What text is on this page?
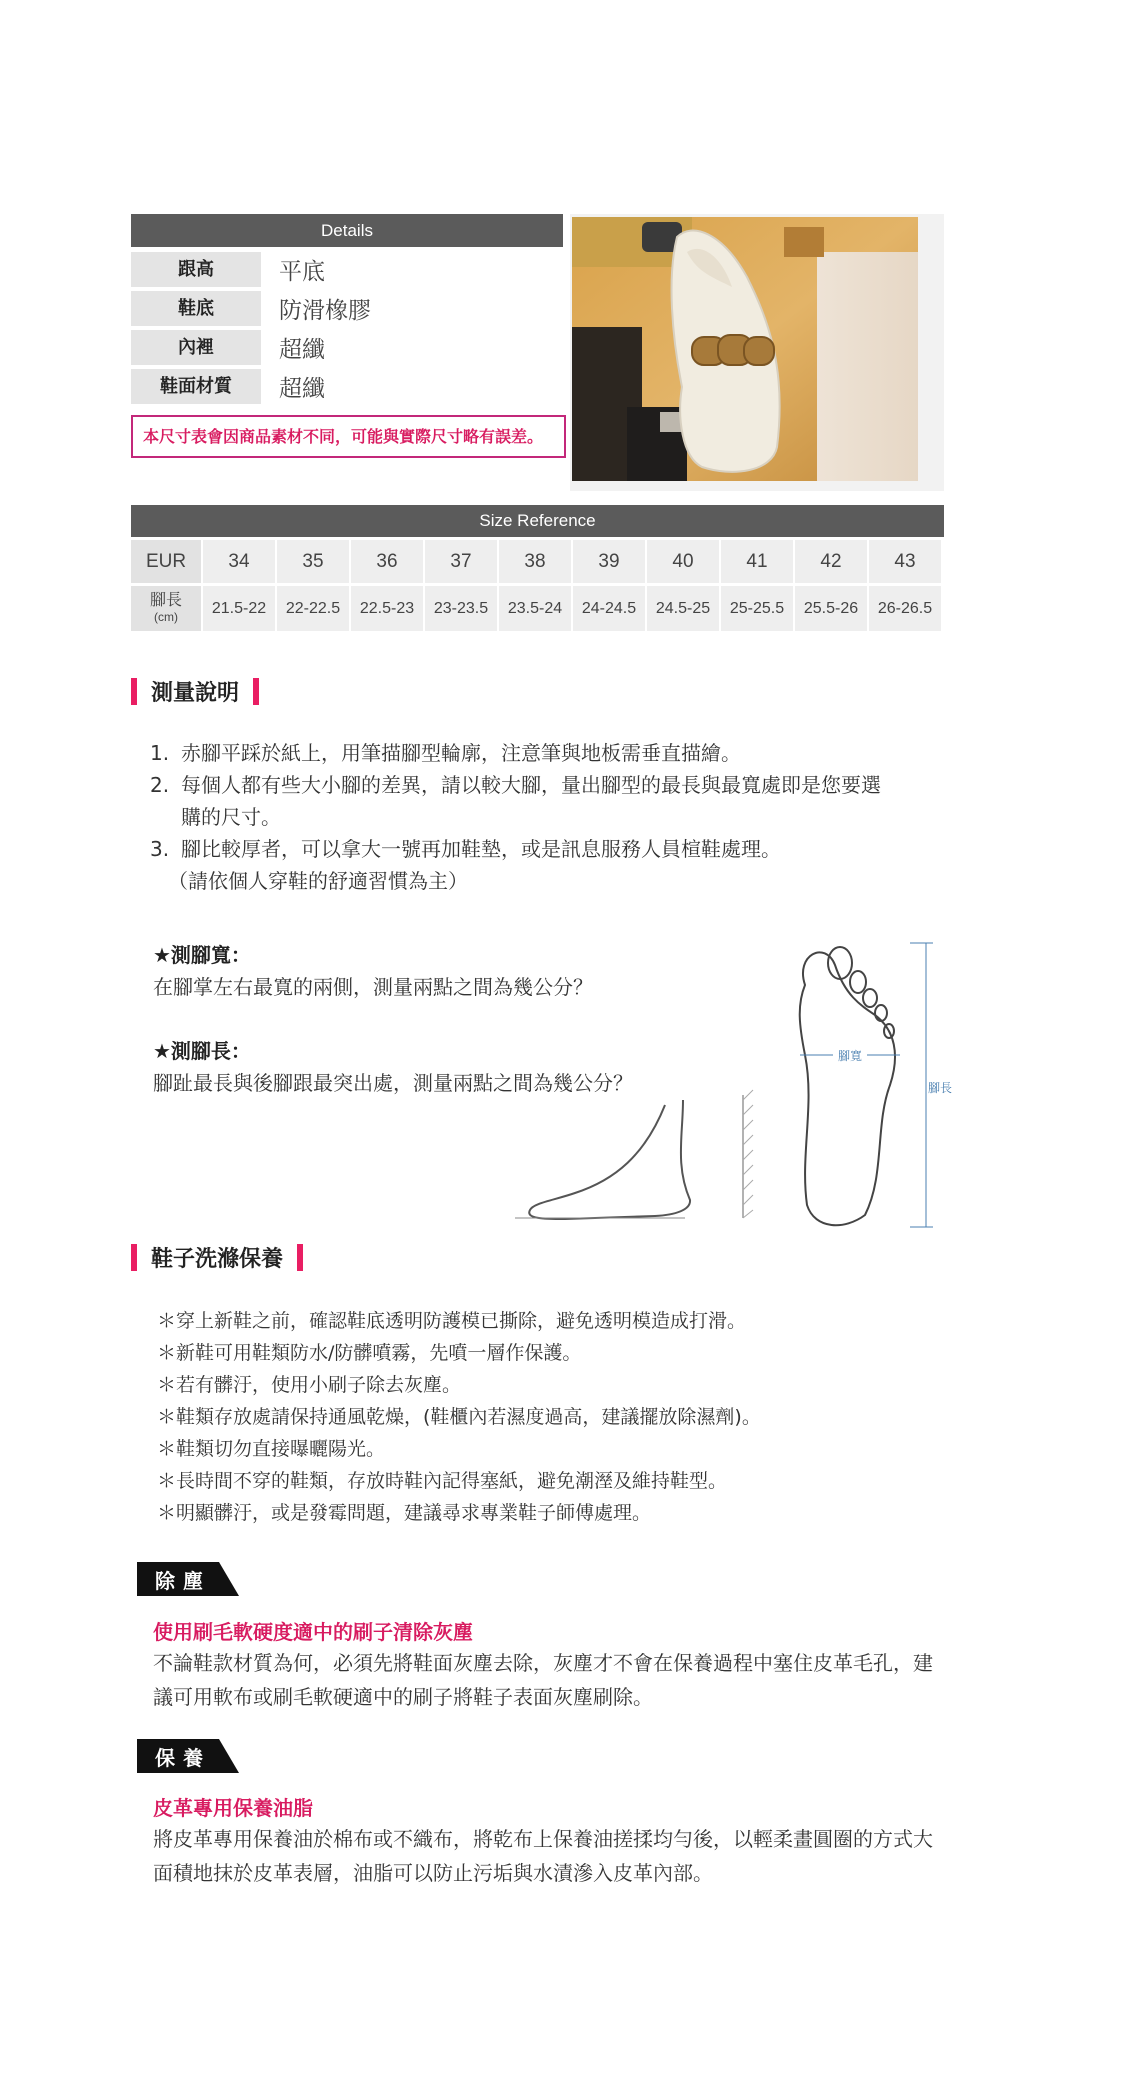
Details
跟高	平底
鞋底	防滑橡膠
內裡	超纖
鞋面材質	超纖
本尺寸表會因商品素材不同，可能與實際尺寸略有誤差。
Size Reference
EUR	34	35	36	37	38	39	40	41	42	43
腳長
(cm)	21.5-22	22-22.5	22.5-23	23-23.5	23.5-24	24-24.5	24.5-25	25-25.5	25.5-26	26-26.5
測量說明
1. 赤腳平踩於紙上，用筆描腳型輪廓，注意筆與地板需垂直描繪。
2. 每個人都有些大小腳的差異，請以較大腳，量出腳型的最長與最寬處即是您要選購的尺寸。
3. 腳比較厚者，可以拿大一號再加鞋墊，或是訊息服務人員楦鞋處理。
（請依個人穿鞋的舒適習慣為主）
★測腳寬：
在腳掌左右最寬的兩側，測量兩點之間為幾公分？
★測腳長：
腳趾最長與後腳跟最突出處，測量兩點之間為幾公分？
腳寬
腳長
鞋子洗滌保養
＊穿上新鞋之前，確認鞋底透明防護模已撕除，避免透明模造成打滑。
＊新鞋可用鞋類防水/防髒噴霧，先噴一層作保護。
＊若有髒汙，使用小刷子除去灰塵。
＊鞋類存放處請保持通風乾燥，(鞋櫃內若濕度過高，建議擺放除濕劑)。
＊鞋類切勿直接曝曬陽光。
＊長時間不穿的鞋類，存放時鞋內記得塞紙，避免潮溼及維持鞋型。
＊明顯髒汙，或是發霉問題，建議尋求專業鞋子師傅處理。
除塵
使用刷毛軟硬度適中的刷子清除灰塵
不論鞋款材質為何，必須先將鞋面灰塵去除，灰塵才不會在保養過程中塞住皮革毛孔，建議可用軟布或刷毛軟硬適中的刷子將鞋子表面灰塵刷除。
保養
皮革專用保養油脂
將皮革專用保養油於棉布或不織布，將乾布上保養油搓揉均勻後，以輕柔畫圓圈的方式大面積地抹於皮革表層，油脂可以防止污垢與水漬滲入皮革內部。
